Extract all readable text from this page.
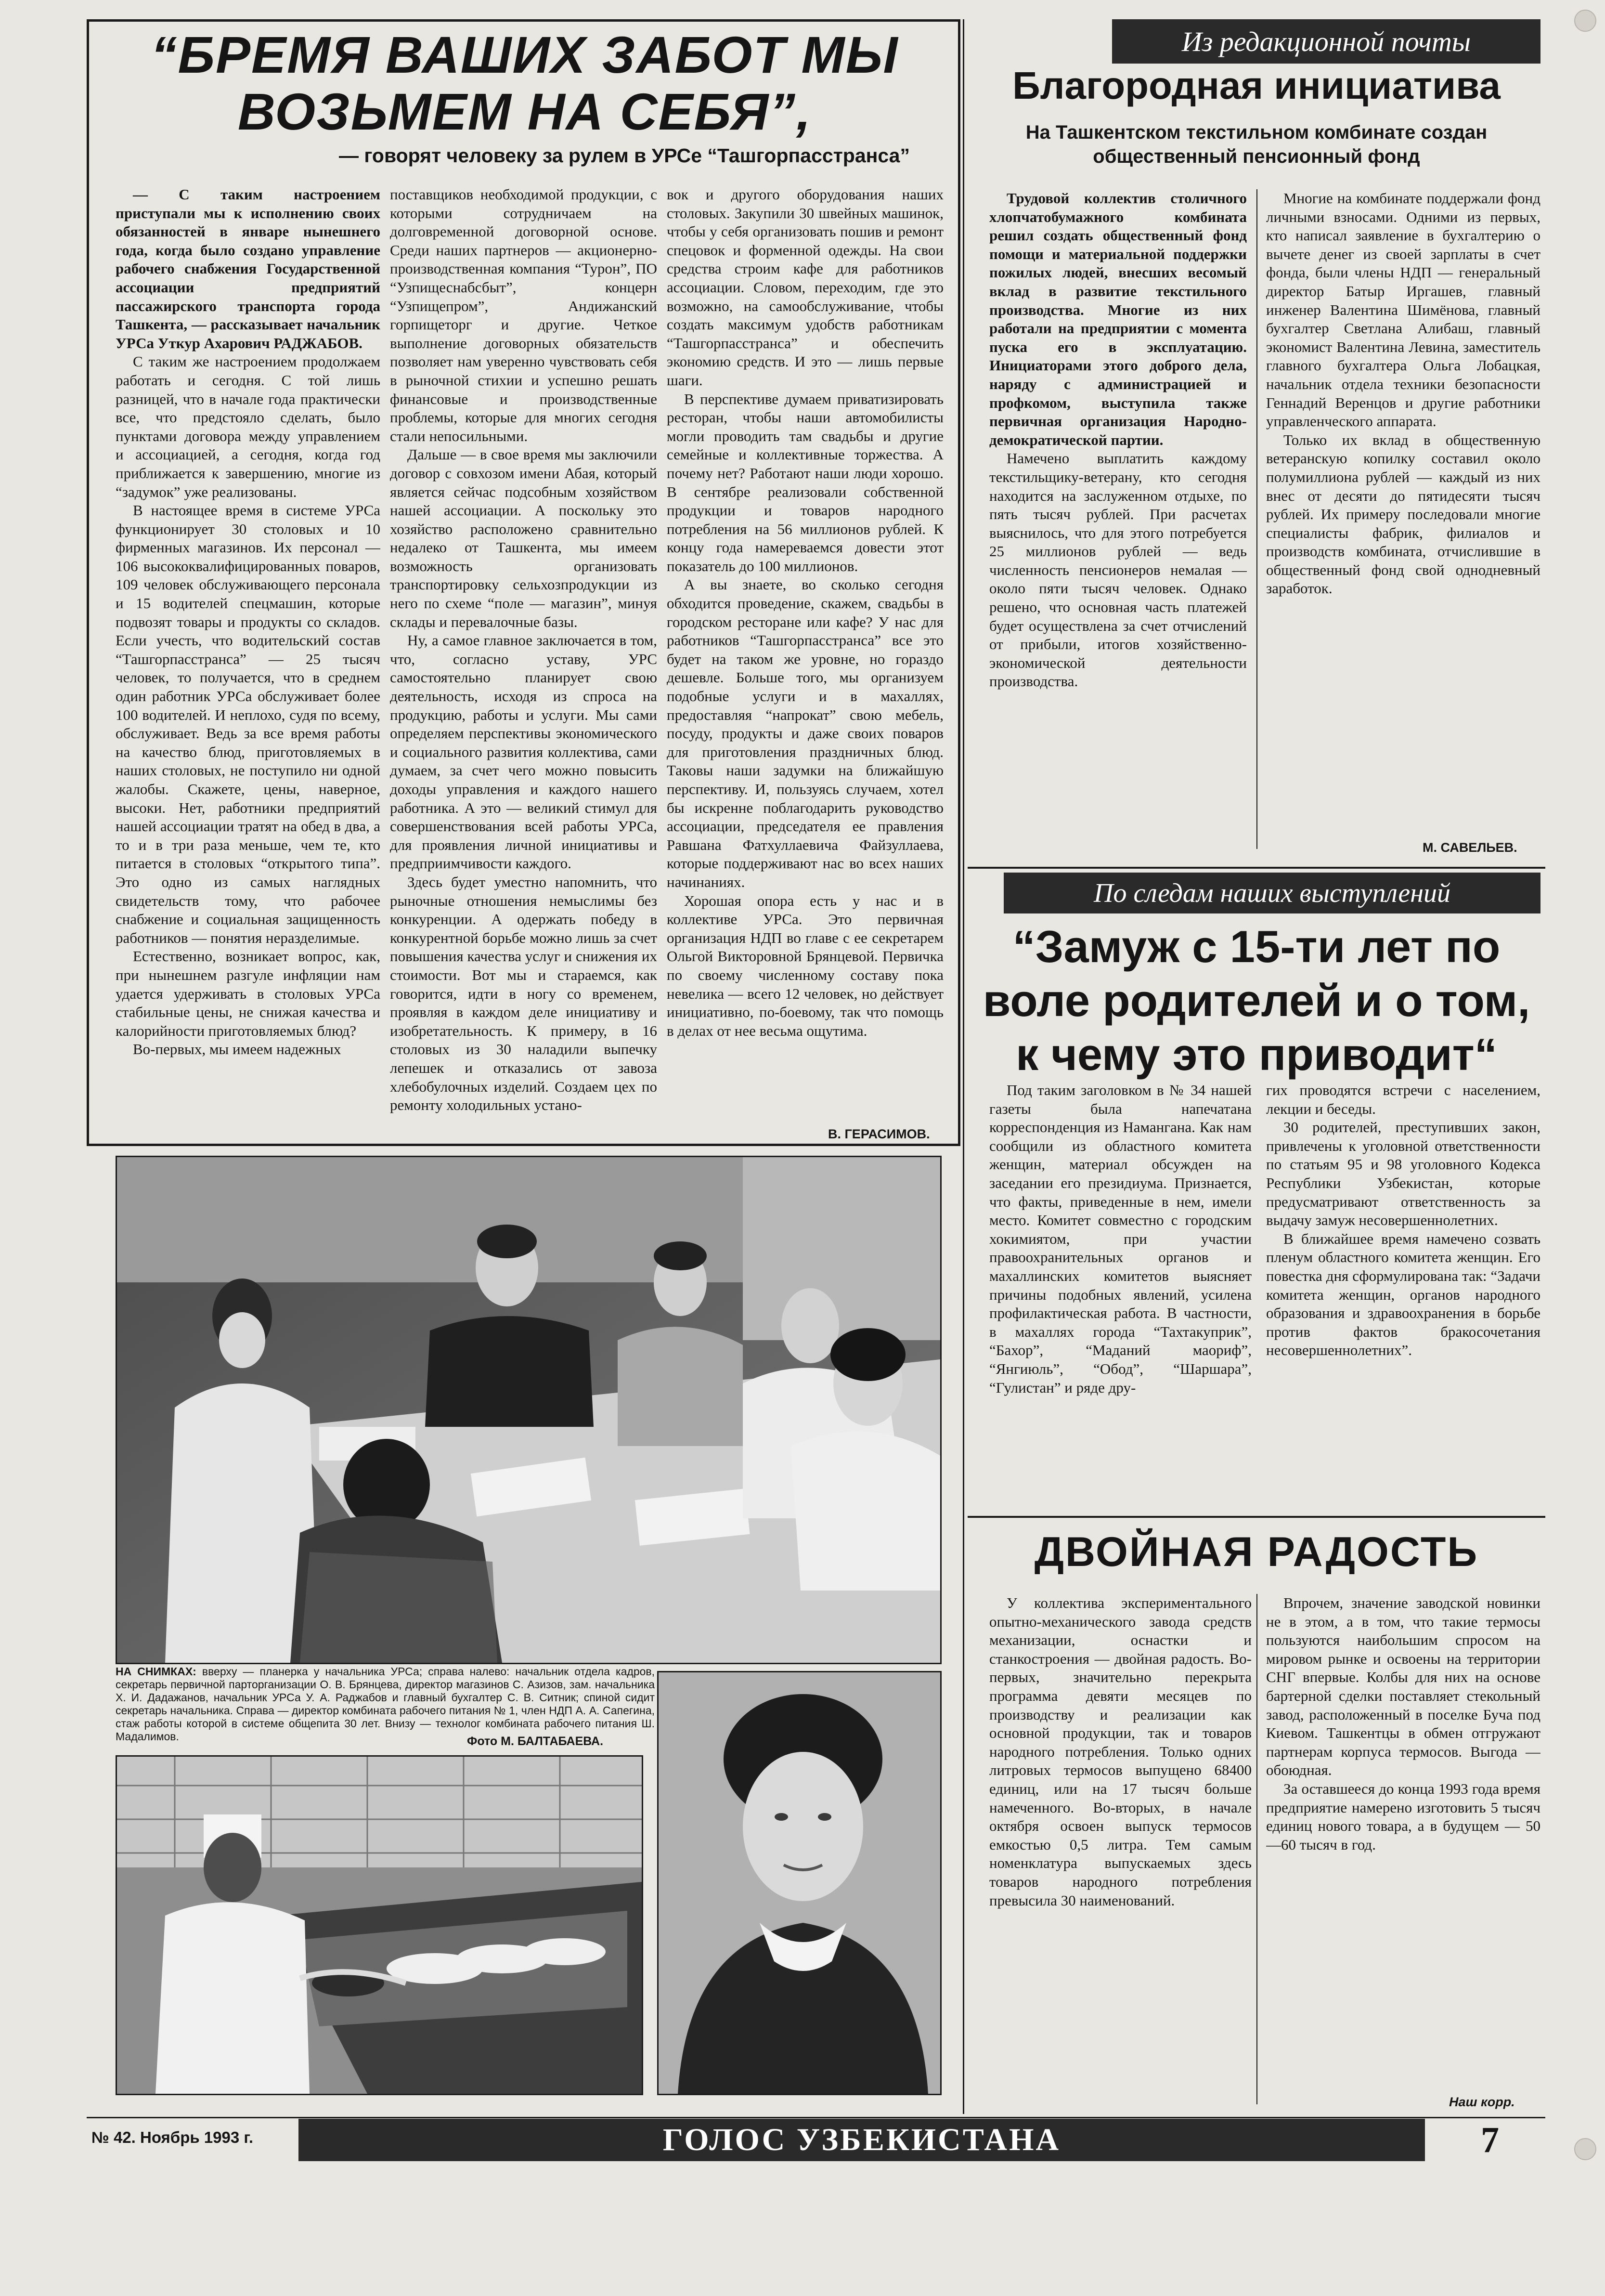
“БРЕМЯ ВАШИХ ЗАБОТ МЫ
ВОЗЬМЕМ НА СЕБЯ”,
— говорят человеку за рулем в УРСе “Ташгорпасстранса”

— С таким настроением приступали мы к исполнению своих обязанностей в январе нынешнего года, когда было создано управление рабочего снабжения Государственной ассоциации предприятий пассажирского транспорта города Ташкента, — рассказывает начальник УРСа Уткур Ахарович РАДЖАБОВ.

С таким же настроением продолжаем работать и сегодня. С той лишь разницей, что в начале года практически все, что предстояло сделать, было пунктами договора между управлением и ассоциацией, а сегодня, когда год приближается к завершению, многие из “задумок” уже реализованы.

В настоящее время в системе УРСа функционирует 30 столовых и 10 фирменных магазинов. Их персонал — 106 высококвалифицированных поваров, 109 человек обслуживающего персонала и 15 водителей спецмашин, которые подвозят товары и продукты со складов. Если учесть, что водительский состав “Ташгорпасстранса” — 25 тысяч человек, то получается, что в среднем один работник УРСа обслуживает более 100 водителей. И неплохо, судя по всему, обслуживает. Ведь за все время работы на качество блюд, приготовляемых в наших столовых, не поступило ни одной жалобы. Скажете, цены, наверное, высоки. Нет, работники предприятий нашей ассоциации тратят на обед в два, а то и в три раза меньше, чем те, кто питается в столовых “открытого типа”. Это одно из самых наглядных свидетельств тому, что рабочее снабжение и социальная защищенность работников — понятия неразделимые.

Естественно, возникает вопрос, как, при нынешнем разгуле инфляции нам удается удерживать в столовых УРСа стабильные цены, не снижая качества и калорийности приготовляемых блюд?

Во-первых, мы имеем надежных

поставщиков необходимой продукции, с которыми сотрудничаем на долговременной договорной основе. Среди наших партнеров — акционерно-производственная компания “Турон”, ПО “Узпищеснабсбыт”, концерн “Узпищепром”, Андижанский горпищеторг и другие. Четкое выполнение договорных обязательств позволяет нам уверенно чувствовать себя в рыночной стихии и успешно решать финансовые и производственные проблемы, которые для многих сегодня стали непосильными.

Дальше — в свое время мы заключили договор с совхозом имени Абая, который является сейчас подсобным хозяйством нашей ассоциации. А поскольку это хозяйство расположено сравнительно недалеко от Ташкента, мы имеем возможность организовать транспортировку сельхозпродукции из него по схеме “поле — магазин”, минуя склады и перевалочные базы.

Ну, а самое главное заключается в том, что, согласно уставу, УРС самостоятельно планирует свою деятельность, исходя из спроса на продукцию, работы и услуги. Мы сами определяем перспективы экономического и социального развития коллектива, сами думаем, за счет чего можно повысить доходы управления и каждого нашего работника. А это — великий стимул для совершенствования всей работы УРСа, для проявления личной инициативы и предприимчивости каждого.

Здесь будет уместно напомнить, что рыночные отношения немыслимы без конкуренции. А одержать победу в конкурентной борьбе можно лишь за счет повышения качества услуг и снижения их стоимости. Вот мы и стараемся, как говорится, идти в ногу со временем, проявляя в каждом деле инициативу и изобретательность. К примеру, в 16 столовых из 30 наладили выпечку лепешек и отказались от завоза хлебобулочных изделий. Создаем цех по ремонту холодильных устано-

вок и другого оборудования наших столовых. Закупили 30 швейных машинок, чтобы у себя организовать пошив и ремонт спецовок и форменной одежды. На свои средства строим кафе для работников ассоциации. Словом, переходим, где это возможно, на самообслуживание, чтобы создать максимум удобств работникам “Ташгорпасстранса” и обеспечить экономию средств. И это — лишь первые шаги.

В перспективе думаем приватизировать ресторан, чтобы наши автомобилисты могли проводить там свадьбы и другие семейные и коллективные торжества. А почему нет? Работают наши люди хорошо. В сентябре реализовали собственной продукции и товаров народного потребления на 56 миллионов рублей. К концу года намереваемся довести этот показатель до 100 миллионов.

А вы знаете, во сколько сегодня обходится проведение, скажем, свадьбы в городском ресторане или кафе? У нас для работников “Ташгорпасстранса” все это будет на таком же уровне, но гораздо дешевле. Больше того, мы организуем подобные услуги и в махаллях, предоставляя “напрокат” свою мебель, посуду, продукты и даже своих поваров для приготовления праздничных блюд. Таковы наши задумки на ближайшую перспективу. И, пользуясь случаем, хотел бы искренне поблагодарить руководство ассоциации, председателя ее правления Равшана Фатхуллаевича Файзуллаева, которые поддерживают нас во всех наших начинаниях.

Хорошая опора есть у нас и в коллективе УРСа. Это первичная организация НДП во главе с ее секретарем Ольгой Викторовной Брянцевой. Первичка по своему численному составу пока невелика — всего 12 человек, но действует инициативно, по-боевому, так что помощь в делах от нее весьма ощутима.

В. ГЕРАСИМОВ.
НА СНИМКАХ: вверху — планерка у начальника УРСа; справа налево: начальник отдела кадров, секретарь первичной парторганизации О. В. Брянцева, директор магазинов С. Азизов, зам. начальника Х. И. Дадажанов, начальник УРСа У. А. Раджабов и главный бухгалтер С. В. Ситник; спиной сидит секретарь начальника. Справа — директор комбината рабочего питания № 1, член НДП А. А. Сапегина, стаж работы которой в системе общепита 30 лет. Внизу — технолог комбината рабочего питания Ш. Мадалимов.	Фото М. БАЛТАБАЕВА.
Из редакционной почты
Благородная инициатива
На Ташкентском текстильном комбинате создан
общественный пенсионный фонд

Трудовой коллектив столичного хлопчатобумажного комбината решил создать общественный фонд помощи и материальной поддержки пожилых людей, внесших весомый вклад в развитие текстильного производства. Многие из них работали на предприятии с момента пуска его в эксплуатацию. Инициаторами этого доброго дела, наряду с администрацией и профкомом, выступила также первичная организация Народно-демократической партии.

Намечено выплатить каждому текстильщику-ветерану, кто сегодня находится на заслуженном отдыхе, по пять тысяч рублей. При расчетах выяснилось, что для этого потребуется 25 миллионов рублей — ведь численность пенсионеров немалая — около пяти тысяч человек. Однако решено, что основная часть платежей будет осуществлена за счет отчислений от прибыли, итогов хозяйственно-экономической деятельности производства.

Многие на комбинате поддержали фонд личными взносами. Одними из первых, кто написал заявление в бухгалтерию о вычете денег из своей зарплаты в счет фонда, были члены НДП — генеральный директор Батыр Иргашев, главный инженер Валентина Шимёнова, главный бухгалтер Светлана Алибаш, главный экономист Валентина Левина, заместитель главного бухгалтера Ольга Лобацкая, начальник отдела техники безопасности Геннадий Веренцов и другие работники управленческого аппарата.

Только их вклад в общественную ветеранскую копилку составил около полумиллиона рублей — каждый из них внес от десяти до пятидесяти тысяч рублей. Их примеру последовали многие специалисты фабрик, филиалов и производств комбината, отчислившие в общественный фонд свой однодневный заработок.

М. САВЕЛЬЕВ.
По следам наших выступлений
“Замуж с 15-ти лет по
воле родителей и о том,
к чему это приводит“

Под таким заголовком в № 34 нашей газеты была напечатана корреспонденция из Намангана. Как нам сообщили из областного комитета женщин, материал обсужден на заседании его президиума. Признается, что факты, приведенные в нем, имели место. Комитет совместно с городским хокимиятом, при участии правоохранительных органов и махаллинских комитетов выясняет причины подобных явлений, усилена профилактическая работа. В частности, в махаллях города “Тахтакуприк”, “Бахор”, “Маданий маориф”, “Янгиюль”, “Обод”, “Шаршара”, “Гулистан” и ряде дру-

гих проводятся встречи с населением, лекции и беседы.

30 родителей, преступивших закон, привлечены к уголовной ответственности по статьям 95 и 98 уголовного Кодекса Республики Узбекистан, которые предусматривают ответственность за выдачу замуж несовершеннолетних.

В ближайшее время намечено созвать пленум областного комитета женщин. Его повестка дня сформулирована так: “Задачи комитета женщин, органов народного образования и здравоохранения в борьбе против фактов бракосочетания несовершеннолетних”.

ДВОЙНАЯ РАДОСТЬ

У коллектива экспериментального опытно-механического завода средств механизации, оснастки и станкостроения — двойная радость. Во-первых, значительно перекрыта программа девяти месяцев по производству и реализации как основной продукции, так и товаров народного потребления. Только одних литровых термосов выпущено 68400 единиц, или на 17 тысяч больше намеченного. Во-вторых, в начале октября освоен выпуск термосов емкостью 0,5 литра. Тем самым номенклатура выпускаемых здесь товаров народного потребления превысила 30 наименований.

Впрочем, значение заводской новинки не в этом, а в том, что такие термосы пользуются наибольшим спросом на мировом рынке и освоены на территории СНГ впервые. Колбы для них на основе бартерной сделки поставляет стекольный завод, расположенный в поселке Буча под Киевом. Ташкентцы в обмен отгружают партнерам корпуса термосов. Выгода — обоюдная.

За оставшееся до конца 1993 года время предприятие намерено изготовить 5 тысяч единиц нового товара, а в будущем — 50—60 тысяч в год.

Наш корр.
№ 42. Ноябрь 1993 г.	ГОЛОС УЗБЕКИСТАНА	7
